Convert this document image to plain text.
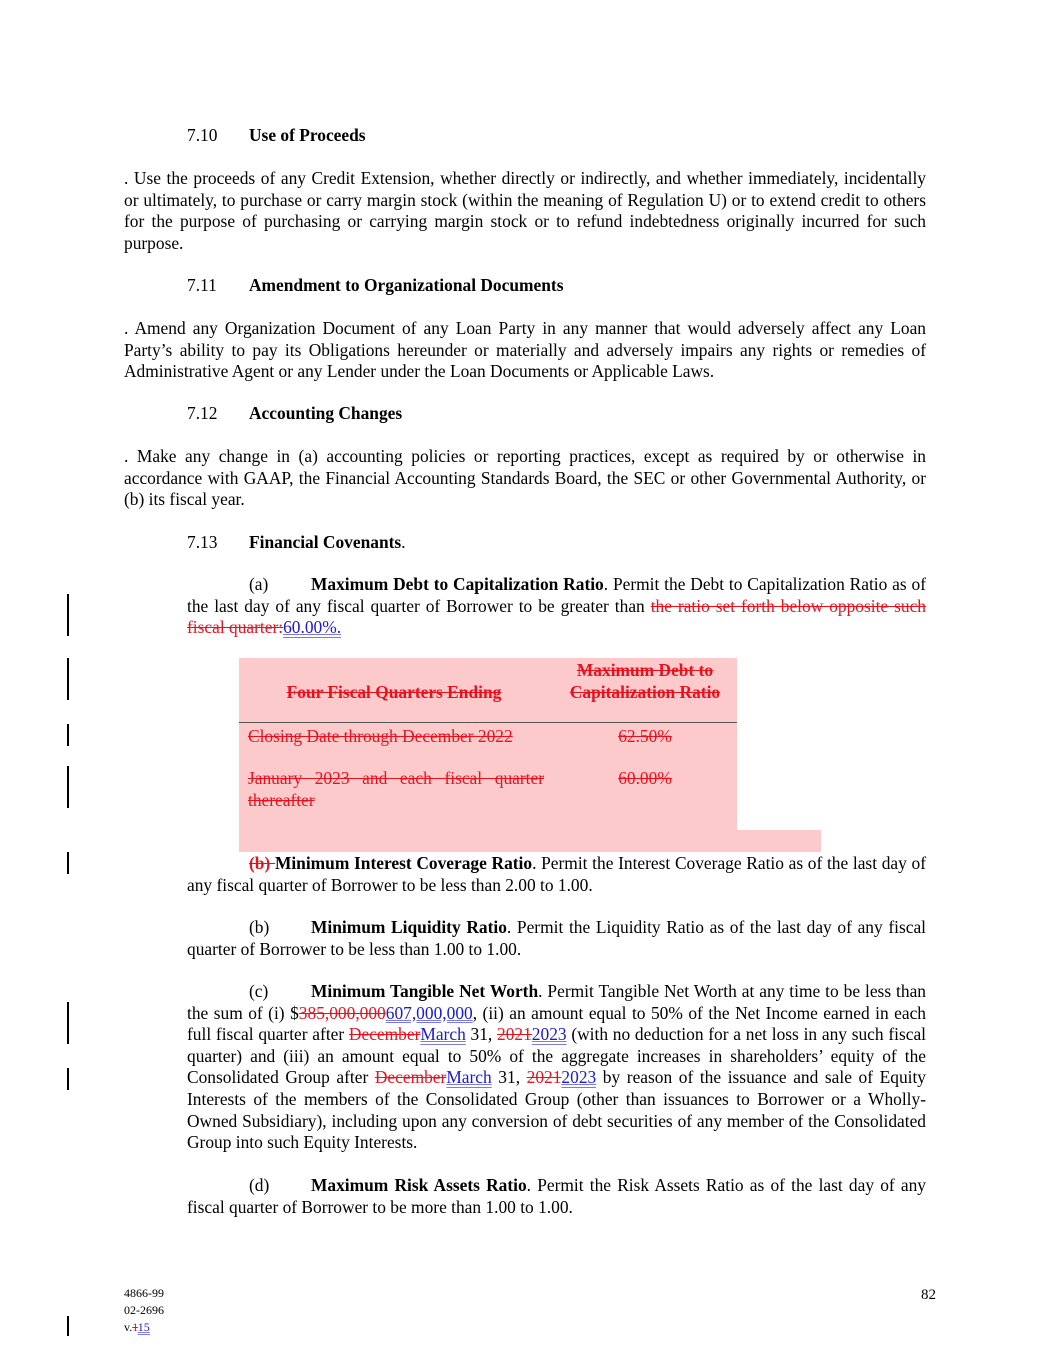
7.10 Use of Proceeds
. Use the proceeds of any Credit Extension, whether directly or indirectly, and whether immediately, incidentally or ultimately, to purchase or carry margin stock (within the meaning of Regulation U) or to extend credit to others for the purpose of purchasing or carrying margin stock or to refund indebtedness originally incurred for such purpose.
7.11 Amendment to Organizational Documents
. Amend any Organization Document of any Loan Party in any manner that would adversely affect any Loan Party’s ability to pay its Obligations hereunder or materially and adversely impairs any rights or remedies of Administrative Agent or any Lender under the Loan Documents or Applicable Laws.
7.12 Accounting Changes
. Make any change in (a) accounting policies or reporting practices, except as required by or otherwise in accordance with GAAP, the Financial Accounting Standards Board, the SEC or other Governmental Authority, or (b) its fiscal year.
7.13 Financial Covenants.
(a) Maximum Debt to Capitalization Ratio. Permit the Debt to Capitalization Ratio as of the last day of any fiscal quarter of Borrower to be greater than the ratio set forth below opposite such fiscal quarter:60.00%.
Four Fiscal Quarters Ending
Maximum Debt to Capitalization Ratio
Closing Date through December 2022	62.50%
January 2023 and each fiscal quarter thereafter
60.00%
(b) Minimum Interest Coverage Ratio. Permit the Interest Coverage Ratio as of the last day of any fiscal quarter of Borrower to be less than 2.00 to 1.00.
(b) Minimum Liquidity Ratio. Permit the Liquidity Ratio as of the last day of any fiscal quarter of Borrower to be less than 1.00 to 1.00.
(c) Minimum Tangible Net Worth. Permit Tangible Net Worth at any time to be less than the sum of (i) $385,000,000607,000,000, (ii) an amount equal to 50% of the Net Income earned in each full fiscal quarter after DecemberMarch 31, 20212023 (with no deduction for a net loss in any such fiscal quarter) and (iii) an amount equal to 50% of the aggregate increases in shareholders’ equity of the Consolidated Group after DecemberMarch 31, 20212023 by reason of the issuance and sale of Equity Interests of the members of the Consolidated Group (other than issuances to Borrower or a Wholly-Owned Subsidiary), including upon any conversion of debt securities of any member of the Consolidated Group into such Equity Interests.
(d) Maximum Risk Assets Ratio. Permit the Risk Assets Ratio as of the last day of any fiscal quarter of Borrower to be more than 1.00 to 1.00.
4866-99
02-2696
v.115
82
